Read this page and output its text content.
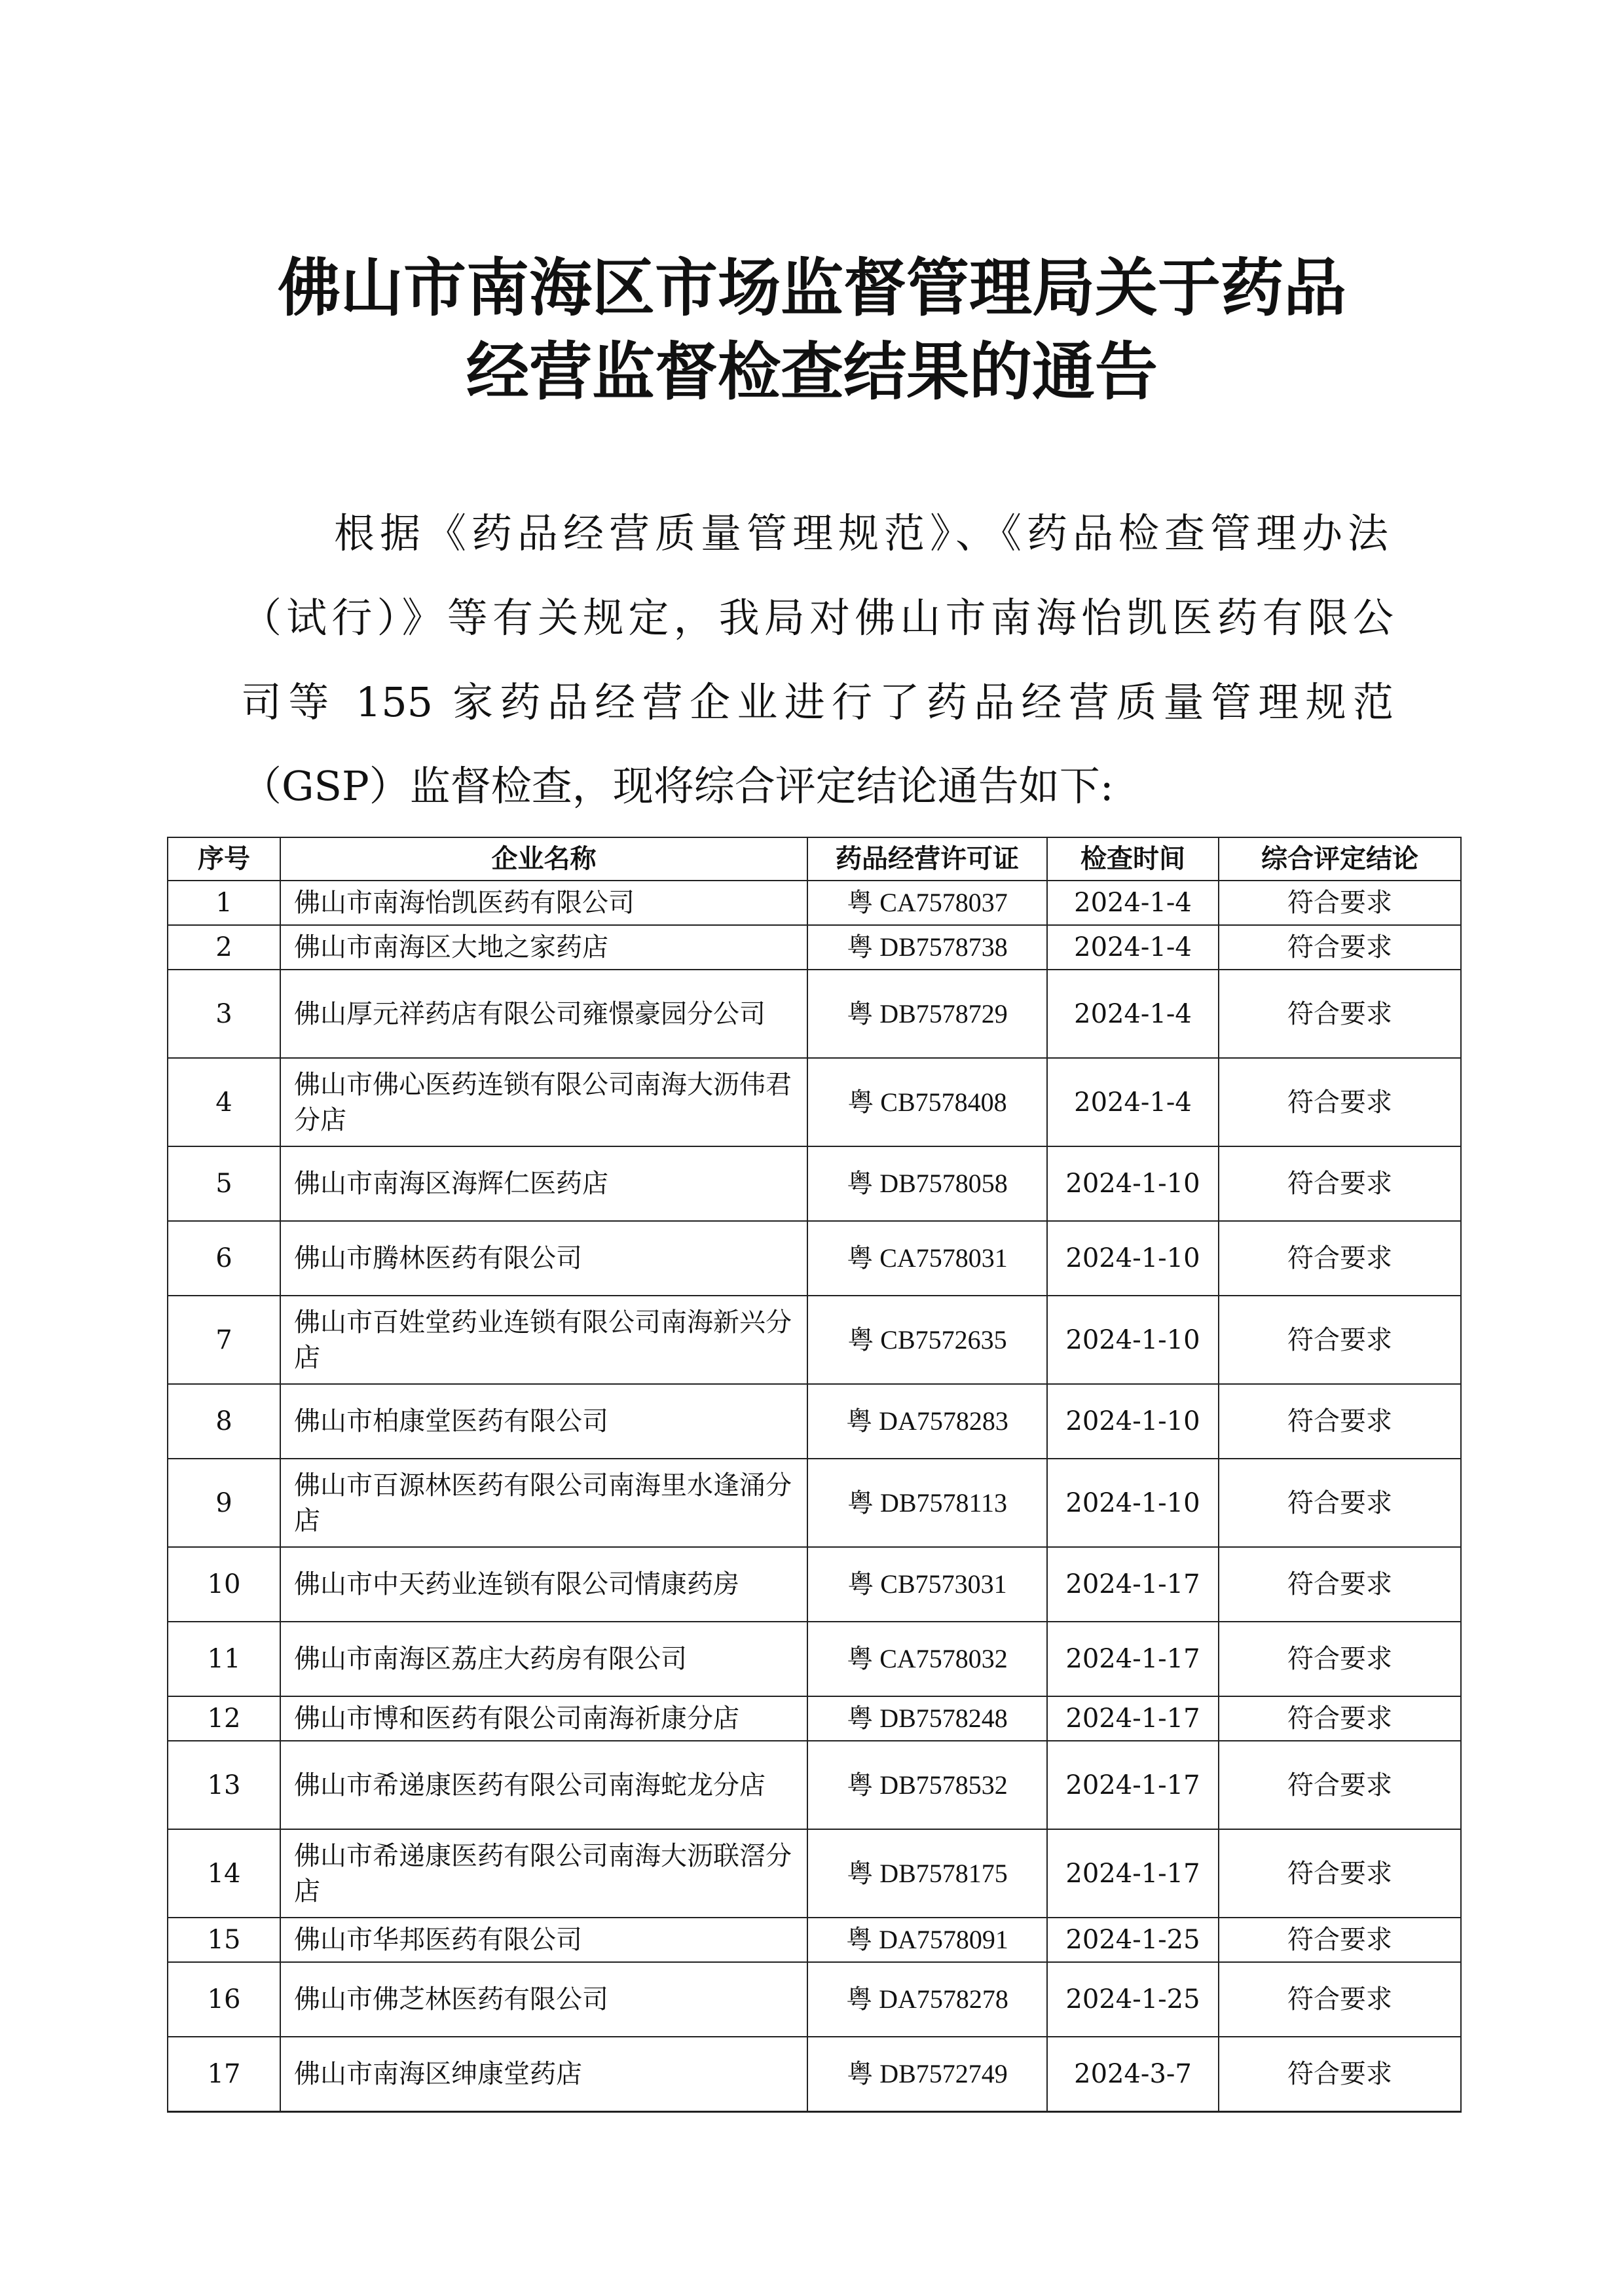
佛山市南海区市场监督管理局关于药品
经营监督检查结果的通告
根据《药品经营质量管理规范》、《药品检查管理办法
（试行）》等有关规定，我局对佛山市南海怡凯医药有限公
司等 155 家药品经营企业进行了药品经营质量管理规范
（GSP）监督检查，现将综合评定结论通告如下:
序号	企业名称	药品经营许可证	检查时间	综合评定结论
1	佛山市南海怡凯医药有限公司	粤 CA7578037	2024-1-4	符合要求
2	佛山市南海区大地之家药店	粤 DB7578738	2024-1-4	符合要求
3	佛山厚元祥药店有限公司雍憬豪园分公司	粤 DB7578729	2024-1-4	符合要求
4	佛山市佛心医药连锁有限公司南海大沥伟君分店	粤 CB7578408	2024-1-4	符合要求
5	佛山市南海区海辉仁医药店	粤 DB7578058	2024-1-10	符合要求
6	佛山市腾林医药有限公司	粤 CA7578031	2024-1-10	符合要求
7	佛山市百姓堂药业连锁有限公司南海新兴分店	粤 CB7572635	2024-1-10	符合要求
8	佛山市柏康堂医药有限公司	粤 DA7578283	2024-1-10	符合要求
9	佛山市百源林医药有限公司南海里水逢涌分店	粤 DB7578113	2024-1-10	符合要求
10	佛山市中天药业连锁有限公司情康药房	粤 CB7573031	2024-1-17	符合要求
11	佛山市南海区荔庄大药房有限公司	粤 CA7578032	2024-1-17	符合要求
12	佛山市博和医药有限公司南海祈康分店	粤 DB7578248	2024-1-17	符合要求
13	佛山市希递康医药有限公司南海蛇龙分店	粤 DB7578532	2024-1-17	符合要求
14	佛山市希递康医药有限公司南海大沥联滘分店	粤 DB7578175	2024-1-17	符合要求
15	佛山市华邦医药有限公司	粤 DA7578091	2024-1-25	符合要求
16	佛山市佛芝林医药有限公司	粤 DA7578278	2024-1-25	符合要求
17	佛山市南海区绅康堂药店	粤 DB7572749	2024-3-7	符合要求
